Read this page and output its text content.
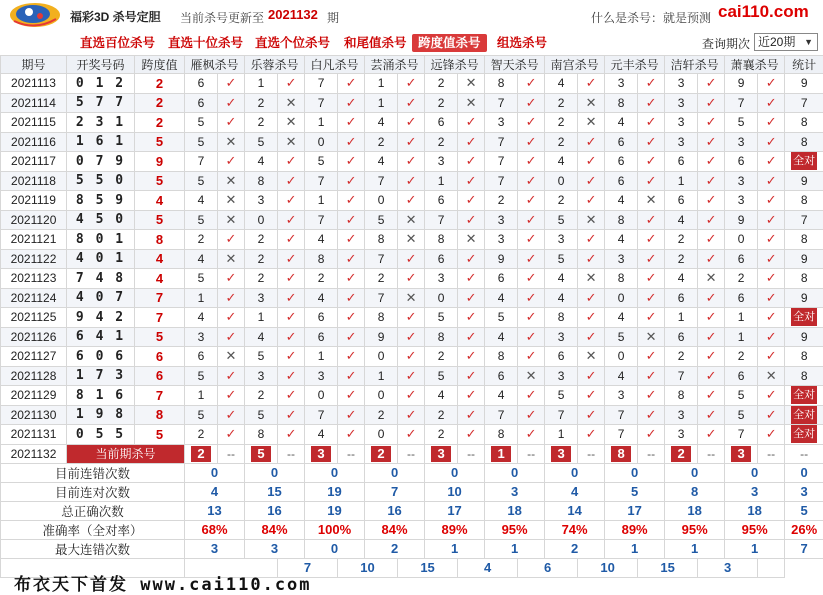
福彩3D 杀号定胆 当前杀号更新至 2021132 期	什么是杀号：就是预测 cai110.com
直选百位杀号 直选十位杀号 直选个位杀号 和尾值杀号 跨度值杀号	组选杀号	查询期次 近20期 ▼
期号	开奖号码	跨度值	雁枫杀号		乐蓉杀号		白凡杀号		芸涌杀号		远锋杀号		智天杀号		南宫杀号		元丰杀号		洁轩杀号		萧襄杀号		统计
2021113	0 1 2	2	6	✓	1	✓	7	✓	1	✓	2	✕	8	✓	4	✓	3	✓	3	✓	9	✓	9
2021114	5 7 7	2	6	✓	2	✕	7	✓	1	✓	2	✕	7	✓	2	✕	8	✓	3	✓	7	✓	7
2021115	2 3 1	2	5	✓	2	✕	1	✓	4	✓	6	✓	3	✓	2	✕	4	✓	3	✓	5	✓	8
2021116	1 6 1	5	5	✕	5	✕	0	✓	2	✓	2	✓	7	✓	2	✓	6	✓	3	✓	3	✓	8
2021117	0 7 9	9	7	✓	4	✓	5	✓	4	✓	3	✓	7	✓	4	✓	6	✓	6	✓	6	✓	全对
2021118	5 5 0	5	5	✕	8	✓	7	✓	7	✓	1	✓	7	✓	0	✓	6	✓	1	✓	3	✓	9
2021119	8 5 9	4	4	✕	3	✓	1	✓	0	✓	6	✓	2	✓	2	✓	4	✕	6	✓	3	✓	8
2021120	4 5 0	5	5	✕	0	✓	7	✓	5	✕	7	✓	3	✓	5	✕	8	✓	4	✓	9	✓	7
2021121	8 0 1	8	2	✓	2	✓	4	✓	8	✕	8	✕	3	✓	3	✓	4	✓	2	✓	0	✓	8
2021122	4 0 1	4	4	✕	2	✓	8	✓	7	✓	6	✓	9	✓	5	✓	3	✓	2	✓	6	✓	9
2021123	7 4 8	4	5	✓	2	✓	2	✓	2	✓	3	✓	6	✓	4	✕	8	✓	4	✕	2	✓	8
2021124	4 0 7	7	1	✓	3	✓	4	✓	7	✕	0	✓	4	✓	4	✓	0	✓	6	✓	6	✓	9
2021125	9 4 2	7	4	✓	1	✓	6	✓	8	✓	5	✓	5	✓	8	✓	4	✓	1	✓	1	✓	全对
2021126	6 4 1	5	3	✓	4	✓	6	✓	9	✓	8	✓	4	✓	3	✓	5	✕	6	✓	1	✓	9
2021127	6 0 6	6	6	✕	5	✓	1	✓	0	✓	2	✓	8	✓	6	✕	0	✓	2	✓	2	✓	8
2021128	1 7 3	6	5	✓	3	✓	3	✓	1	✓	5	✓	6	✕	3	✓	4	✓	7	✓	6	✕	8
2021129	8 1 6	7	1	✓	2	✓	0	✓	0	✓	4	✓	4	✓	5	✓	3	✓	8	✓	5	✓	全对
2021130	1 9 8	8	5	✓	5	✓	7	✓	2	✓	2	✓	7	✓	7	✓	7	✓	3	✓	5	✓	全对
2021131	0 5 5	5	2	✓	8	✓	4	✓	0	✓	2	✓	8	✓	1	✓	7	✓	3	✓	7	✓	全对
2021132	当前期杀号		2	--	5	--	3	--	2	--	3	--	1	--	3	--	8	--	2	--	3	--	--
目前连错次数			0		0		0		0		0		0		0		0		0		0		0
目前连对次数			4		15		19		7		10		3		4		5		8		3		3
总正确次数			13		16		19		16		17		18		14		17		18		18		5
准确率（全对率）			68%		84%		100%		84%		89%		95%		74%		89%		95%		95%		26%
最大连错次数			3		3		0		2		1		1		2		1		1		1		7
						7		10		15		4		6		10		15		3			
布衣天下首发 www.cai110.com
